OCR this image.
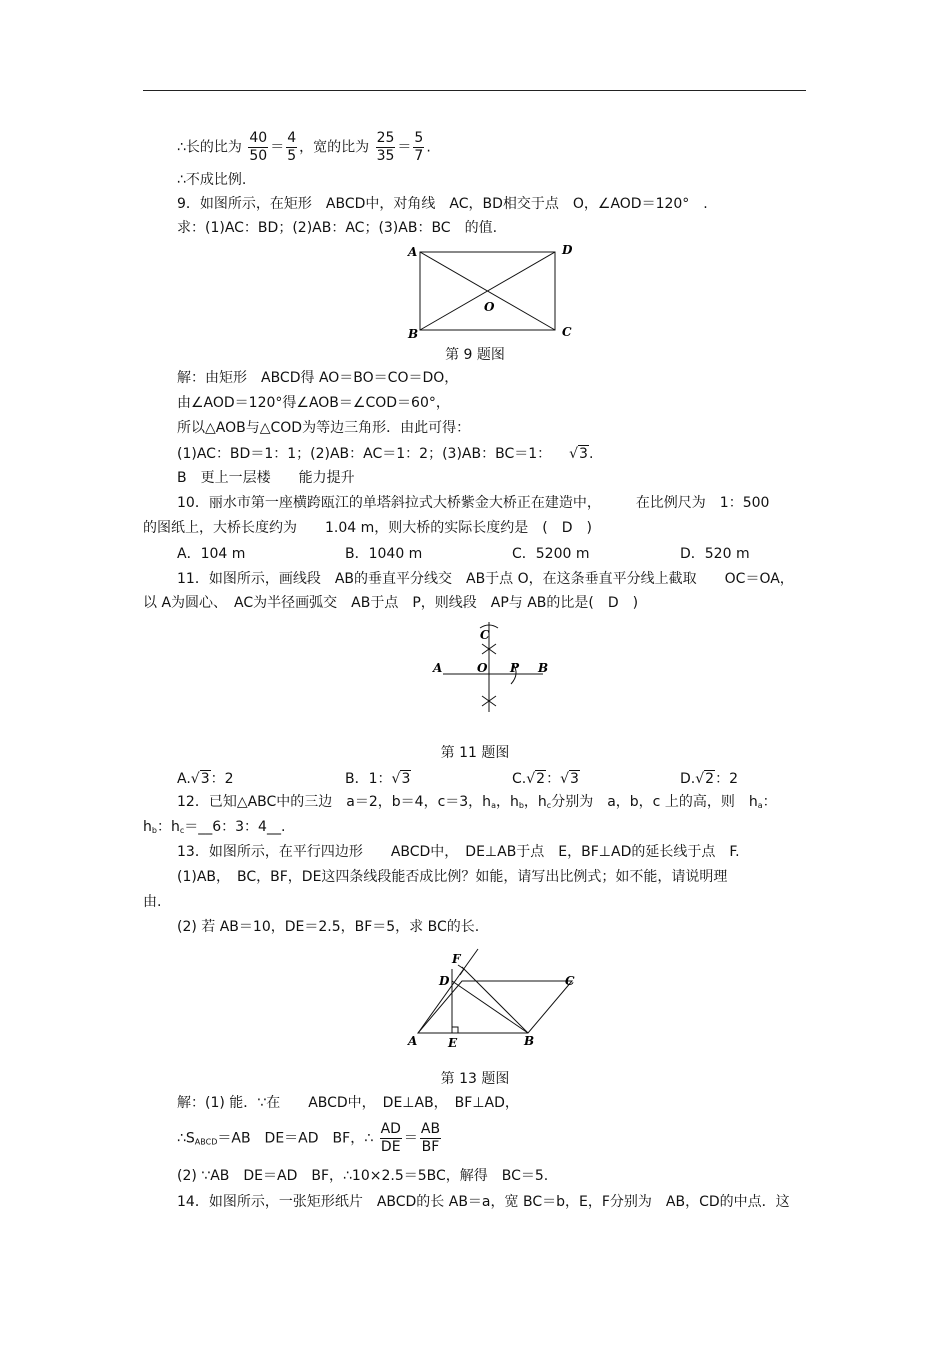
∴长的比为 $\frac{40}{50} = \frac{4}{5}$ ，宽的比为 $\frac{25}{35} = \frac{5}{7}$ .
∴不成比例.
9．如图所示，在矩形　ABCD中，对角线　AC，BD相交于点　O，∠AOD＝120°　.
求：(1)AC：BD；(2)AB：AC；(3)AB：BC　的值.
A	D
B	C
O
第 9 题图
解：由矩形　ABCD得 AO＝BO＝CO＝DO，
由∠AOD＝120°得∠AOB＝∠COD＝60°，
所以△AOB与△COD为等边三角形．由此可得：
(1)AC：BD＝1：1；(2)AB：AC＝1：2；(3)AB：BC＝1： √3.
B　更上一层楼　　能力提升
10．丽水市第一座横跨瓯江的单塔斜拉式大桥紫金大桥正在建造中，　　　在比例尺为　1：500
的图纸上，大桥长度约为　　1.04 m，则大桥的实际长度约是　(　D　)
A．104 m	B．1040 m	C．5200 m	D．520 m
11．如图所示，画线段　AB的垂直平分线交　AB于点 O，在这条垂直平分线上截取　　OC＝OA，
以 A为圆心、　AC为半径画弧交　AB于点　P，则线段　AP与 AB的比是(　D　)
A	O P B
C
第 11 题图
A.√3：2	B．1：√3	C.√2：√3	D.√2：2
12．已知△ABC中的三边　a＝2，b＝4，c＝3，$h_a$，$h_b$，$h_c$分别为　a，b，c 上的高，则　$h_a$：
$h_b$：$h_c=\_\_6$：3：4__.
13．如图所示，在平行四边形　　ABCD中，　DE⊥AB于点　E，BF⊥AD的延长线于点　F.
(1)AB，　BC，BF，DE这四条线段能否成比例？如能，请写出比例式；如不能，请说明理
由.
(2) 若 AB＝10，DE＝2.5，BF＝5，求 BC的长.
F
D	C
A	E	B
第 13 题图
解：(1) 能．∵在　　ABCD中，　DE⊥AB，　BF⊥AD，
$\therefore S_{ABCD}=AB$　DE＝AD　BF，∴ $\frac{AD}{DE} = \frac{AB}{BF}$
(2) ∵AB　DE＝AD　BF，∴10×2.5＝5BC，解得　BC＝5.
14．如图所示，一张矩形纸片　ABCD的长 AB＝a，宽 BC＝b，E，F分别为　AB，CD的中点．这
